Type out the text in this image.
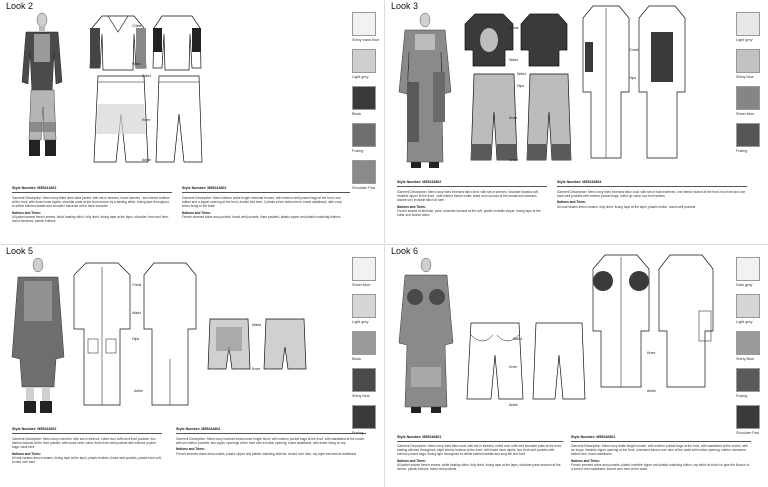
Look 2
Chest
Waist
Waist
Knee
Ankle
Shiny trans blue
Light grey
Black
Fusing
Shoulder Pad
Style Number: M55241802
Garment Description: Mens boxy fitted lined tailor jacket, with set-in sleeves, fused sleeves - two interior buttons at the front, with fused inner lapels, shoulder pads at the front secure by a basting stitch, fusing tape throughout to define tailored details and shoulder bananas at the back shoulder
Notions and Trims:
All jacket seams french seams, block basting stitch, fully lined, fusing tape at the lapel, shoulder, front and hem, fused forearms, plastic buttons
Style Number: M55241802
Garment Description: Mens balloon ankle length mermaid trouser, with exterior welt pocket bags at the front, one button and a zipper opening at the front, double fold hem, 2 pleats at the bottom hem, fused waistband, with a top sheer lining to the knee
Notions and Trims:
French seamed sides and pockets, fused welt pockets, lined pockets, plastic zipper and plastic matching buttons
Look 3
Chest
Waist
Waist
Hips
Knee
Ankle
Chest
Hips
Light grey
Shiny blue
Sheer blue
Fusing
Style Number: M55243802
Garment Description: Mens boxy lined inversed tailor shirt, with set-in sleeves, shoulder banana cuff, invisible zipper at the front , with interior french collar, sides and cut-outs at the breast and stomach, double turn invisible stitch at hem
Notions and Trims:
French seams at armhole, yoke, shoulder banana at the cuff, plastic invisible zipper, fusing tape at the collar and bodice sides
Style Number: M55243804
Garment Description: Mens boxy lined inversed tailor coat, with set-in fused sleeves, one interior button at the front, two front and one back welt pockets with exterior pocket bags, rolled up collar, two front seams
Notions and Trims:
All coat seams french seams, fully lined, fusing tape at the lapel, plastic button, fused welt pockets
Look 5
Chest
Waist
Hips
Ankle
Waist
Knee
Sheer blue
Light grey
Black
Shiny blue
Fusing
Style Number: M55244802
Garment Description: Mens boxy overshirt, with set-in sleeves, rolled over cuffs and front pockets, two interior buttons at the front placket, with fused inner collar, three front welt pockets with exterior pocket bags, back vent
Notions and Trims:
All shirt seams french seams, fusing tape at the lapel, plastic buttons, fused welt pockets, placket and cuff, turned over hem
Style Number: M55244802
Garment Description: Mens boxy inversed below knee length short, with exterior pocket bags at the front, with waistband at the crotch, with six interior pockets, two zipper openings at the front with a button opening, fused waistband, with sheer lining on top
Notions and Trims:
French seamed sides and pockets, plastic zipper and plastic matching buttons, turned over hem, top layer secured at waistband
Look 6
Waist
Knee
Ankle
Knee
Ankle
Dark grey
Light grey
Shiny Blue
Fusing
Shoulder Pad
Style Number: M55246801
Garment Description: Mens boxy lined tailor coat, with set-in sleeves, rolled over cuffs and shoulder pads at the front, basting stitched throughout, eight interior buttons at the front, with fused inner lapels, two front welt pockets with exterior pocket bags, fusing tape throughout to define tailored details and long tail and front
Notions and Trims:
All jacket seams french seams, white basting stitch, fully lined, fusing tape at the lapel, shoulder pads secured at the sleeve, plastic buttons, fused welt pockets
Style Number: M55246801
Garment Description: Mens boxy ankle length trouser, with exterior pocket bags at the front, with waistband at the crotch, with six loops, invisible zipper opening at the front, oversized turned over hem at the waist with button opening, interior oversized folded hem, fused waistband
Notions and Trims:
French seamed sides and pockets, plastic invisible zipper and plastic matching button, top stitch at crotch to give the illusion of a turned over waistband, turned over hem at the waist
